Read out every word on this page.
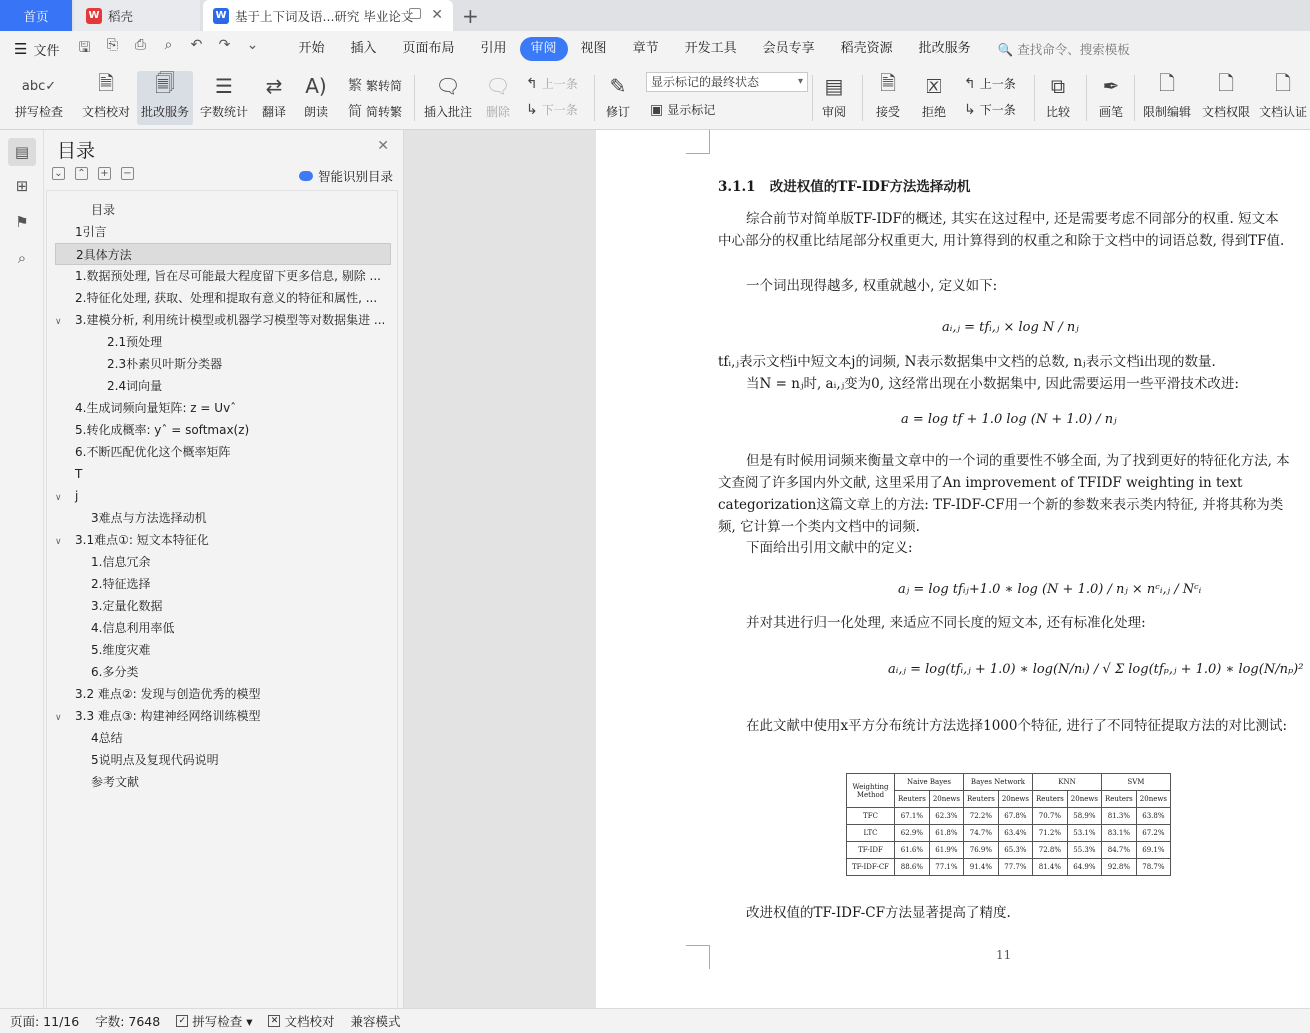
首页	W 稻壳	W 基于上下词及语...研究 毕业论文 ✕ +
☰ 文件 🖫 ⎘ ⎙	⌕	↶ ↷ ⌄	开始	插入	页面布局	引用	审阅	视图	章节	开发工具	会员专享	稻壳资源	批改服务	🔍 查找命令、搜索模板
abc✓
拼写检查
🗎
文档校对
🗐
批改服务
☰
字数统计
⇄
翻译
A)
朗读
繁 繁转简
简 简转繁
🗨
插入批注
🗨
删除
↰ 上一条
↳ 下一条
✎
修订 ▣ 显示标记
▤
审阅
🗎
接受
🗵
拒绝
↰ 上一条
↳ 下一条
⧉
比较
✒
画笔
🗋
限制编辑
🗋
文档权限
🗋
文档认证
显示标记的最终状态 ▾
▤
⊞
⚑
⌕
目录	✕
⌄ ⌃ + −	智能识别目录
目录
1引言
2具体方法
1.数据预处理, 旨在尽可能最大程度留下更多信息, 剔除 ...
2.特征化处理, 获取、处理和提取有意义的特征和属性, ...
∨ 3.建模分析, 利用统计模型或机器学习模型等对数据集进 ...
2.1预处理
2.3朴素贝叶斯分类器
2.4词向量
4.生成词频向量矩阵: z = Uvˆ
5.转化成概率: yˆ = softmax(z)
6.不断匹配优化这个概率矩阵
T
∨ j
3难点与方法选择动机
∨ 3.1难点①: 短文本特征化
1.信息冗余
2.特征选择
3.定量化数据
4.信息利用率低
5.维度灾难
6.多分类
3.2 难点②: 发现与创造优秀的模型
∨ 3.3 难点③: 构建神经网络训练模型
4总结
5说明点及复现代码说明
参考文献
3.1.1 改进权值的TF-IDF方法选择动机
综合前节对简单版TF-IDF的概述, 其实在这过程中, 还是需要考虑不同部分的权重. 短文本中心部分的权重比结尾部分权重更大, 用计算得到的权重之和除于文档中的词语总数, 得到TF值.
一个词出现得越多, 权重就越小, 定义如下:
aᵢ,ⱼ = tfᵢ,ⱼ × log N / nⱼ
tfᵢ,ⱼ表示文档i中短文本j的词频, N表示数据集中文档的总数, nⱼ表示文档i出现的数量.
当N = nⱼ时, aᵢ,ⱼ变为0, 这经常出现在小数据集中, 因此需要运用一些平滑技术改进:
a = log tf + 1.0 log (N + 1.0) / nⱼ
但是有时候用词频来衡量文章中的一个词的重要性不够全面, 为了找到更好的特征化方法, 本文查阅了许多国内外文献, 这里采用了An improvement of TFIDF weighting in text categorization这篇文章上的方法: TF-IDF-CF用一个新的参数来表示类内特征, 并将其称为类频, 它计算一个类内文档中的词频.
下面给出引用文献中的定义:
aⱼ = log tfᵢⱼ+1.0 ∗ log (N + 1.0) / nⱼ × nᶜᵢ,ⱼ / Nᶜᵢ
并对其进行归一化处理, 来适应不同长度的短文本, 还有标准化处理:
aᵢ,ⱼ = log(tfᵢ,ⱼ + 1.0) ∗ log(N/nᵢ) / √ Σ log(tfₚ,ⱼ + 1.0) ∗ log(N/nₚ)²
在此文献中使用x平方分布统计方法选择1000个特征, 进行了不同特征提取方法的对比测试:
Weighting Method	Naive Bayes		Bayes Network		KNN		SVM	
	Reuters	20news	Reuters	20news	Reuters	20news	Reuters	20news
TFC	67.1%	62.3%	72.2%	67.8%	70.7%	58.9%	81.3%	63.8%
LTC	62.9%	61.8%	74.7%	63.4%	71.2%	53.1%	83.1%	67.2%
TF-IDF	61.6%	61.9%	76.9%	65.3%	72.8%	55.3%	84.7%	69.1%
TF-IDF-CF	88.6%	77.1%	91.4%	77.7%	81.4%	64.9%	92.8%	78.7%
改进权值的TF-IDF-CF方法显著提高了精度.
11
页面: 11/16 字数: 7648 ✓ 拼写检查 ▾ ✕ 文档校对 兼容模式
